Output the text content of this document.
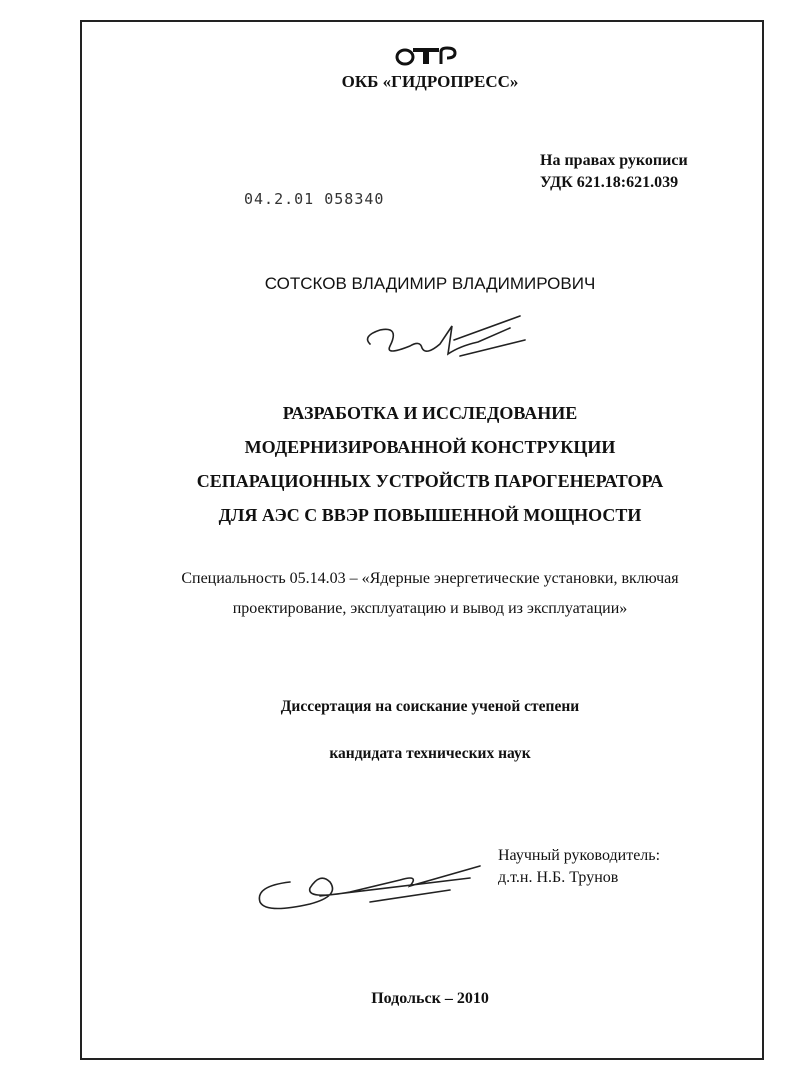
ОКБ «ГИДРОПРЕСС»
На правах рукописи
УДК 621.18:621.039
04.2.01 058340
СОТСКОВ ВЛАДИМИР ВЛАДИМИРОВИЧ
РАЗРАБОТКА И ИССЛЕДОВАНИЕ
МОДЕРНИЗИРОВАННОЙ КОНСТРУКЦИИ
СЕПАРАЦИОННЫХ УСТРОЙСТВ ПАРОГЕНЕРАТОРА
ДЛЯ АЭС С ВВЭР ПОВЫШЕННОЙ МОЩНОСТИ
Специальность 05.14.03 – «Ядерные энергетические установки, включая
проектирование, эксплуатацию и вывод из эксплуатации»
Диссертация на соискание ученой степени
кандидата технических наук
Научный руководитель:
д.т.н. Н.Б. Трунов
Подольск – 2010
